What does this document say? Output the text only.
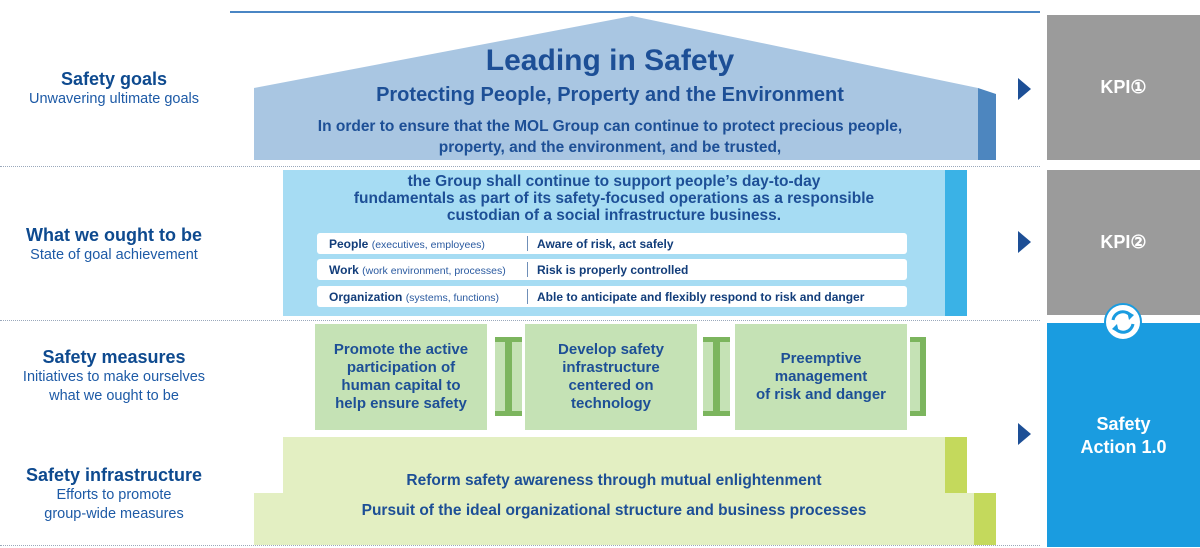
Safety goals
Unwavering ultimate goals
What we ought to be
State of goal achievement
Safety measures
Initiatives to make ourselves
what we ought to be
Safety infrastructure
Efforts to promote
group-wide measures
Leading in Safety
Protecting People, Property and the Environment
In order to ensure that the MOL Group can continue to protect precious people,
property, and the environment, and be trusted,
the Group shall continue to support people’s day-to-day
fundamentals as part of its safety-focused operations as a responsible
custodian of a social infrastructure business.
People (executives, employees)	Aware of risk, act safely
Work (work environment, processes)	Risk is properly controlled
Organization (systems, functions)	Able to anticipate and flexibly respond to risk and danger
Promote the active
participation of
human capital to
help ensure safety
Develop safety
infrastructure
centered on
technology
Preemptive
management
of risk and danger
Reform safety awareness through mutual enlightenment
Pursuit of the ideal organizational structure and business processes
KPI①
KPI②
Safety
Action 1.0
